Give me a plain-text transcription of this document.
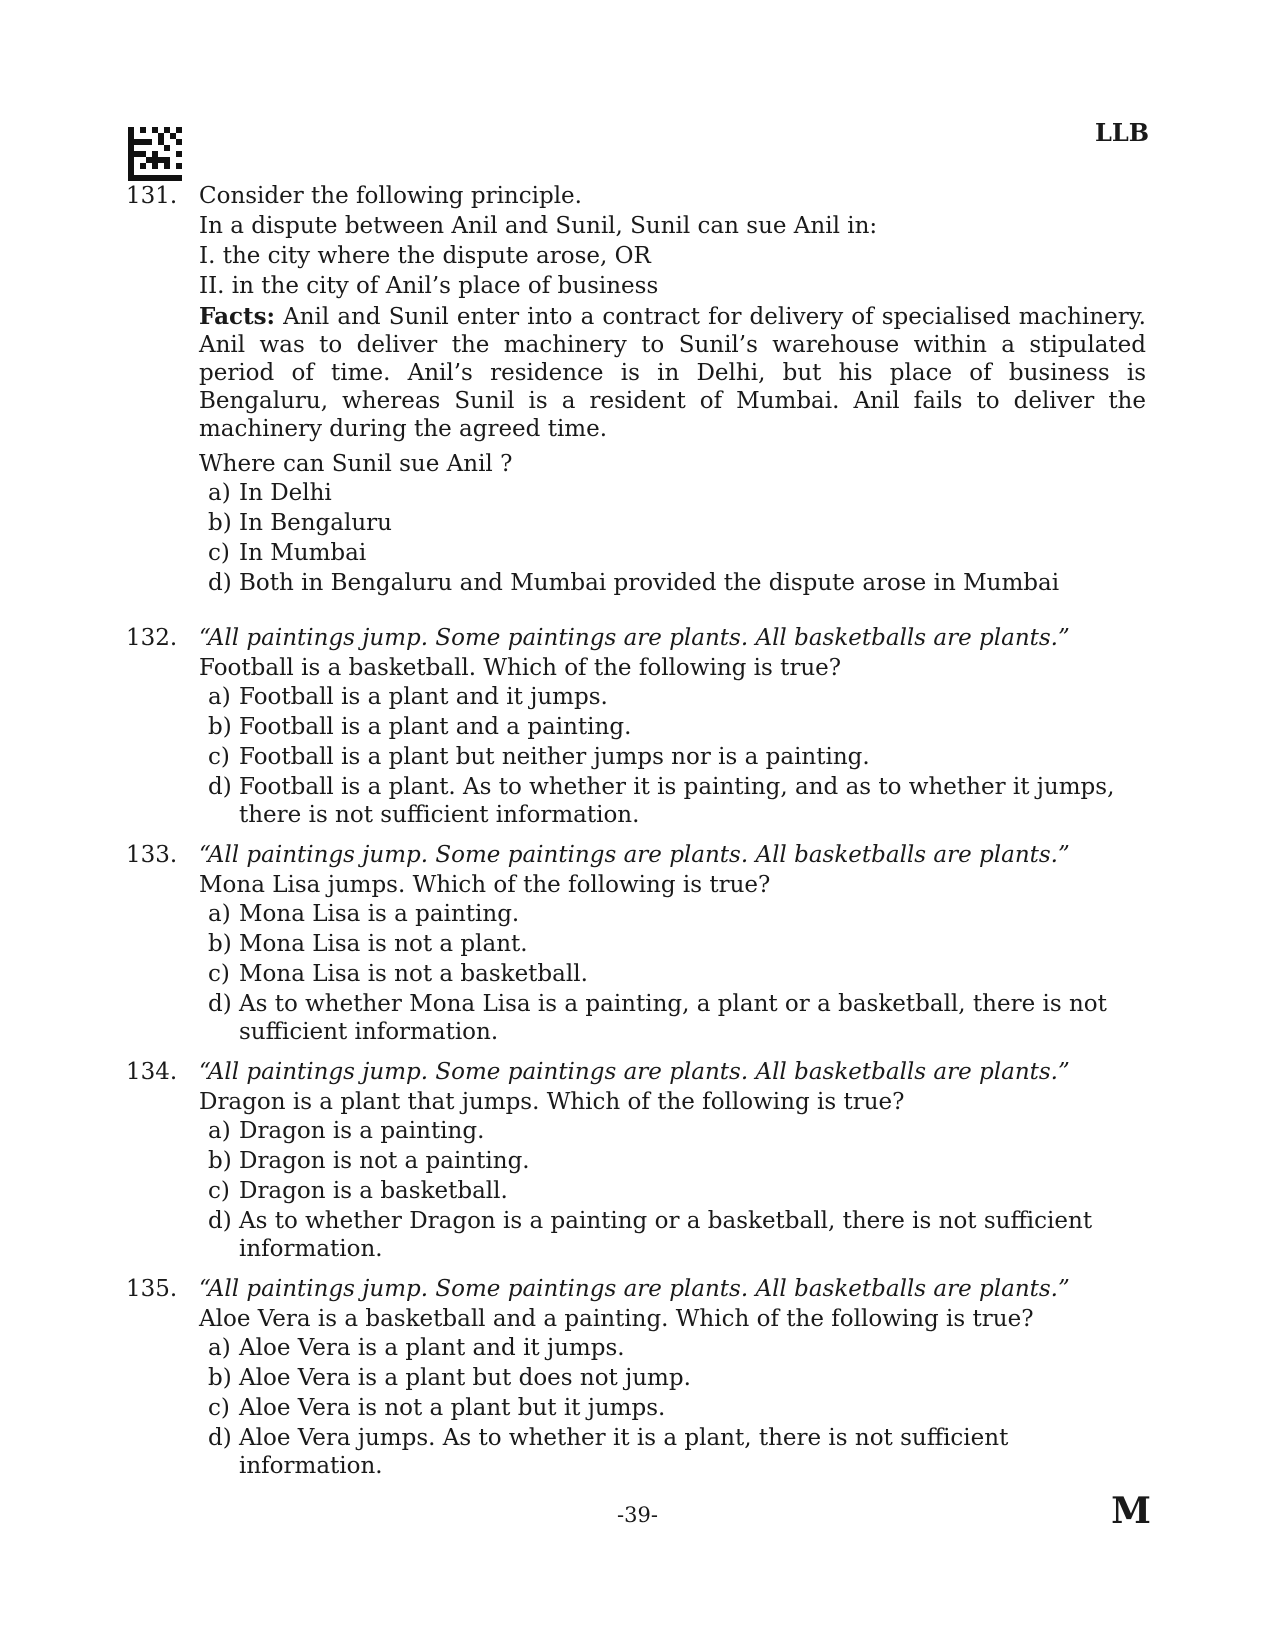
LLB
131. Consider the following principle.

In a dispute between Anil and Sunil, Sunil can sue Anil in:

I. the city where the dispute arose, OR

II. in the city of Anil’s place of business

Facts: Anil and Sunil enter into a contract for delivery of specialised machinery. Anil was to deliver the machinery to Sunil’s warehouse within a stipulated period of time. Anil’s residence is in Delhi, but his place of business is Bengaluru, whereas Sunil is a resident of Mumbai. Anil fails to deliver the machinery during the agreed time.

Where can Sunil sue Anil ?

a) In Delhi
b) In Bengaluru
c) In Mumbai
d) Both in Bengaluru and Mumbai provided the dispute arose in Mumbai
132. “All paintings jump. Some paintings are plants. All basketballs are plants.”

Football is a basketball. Which of the following is true?

a) Football is a plant and it jumps.
b) Football is a plant and a painting.
c) Football is a plant but neither jumps nor is a painting.
d) Football is a plant. As to whether it is painting, and as to whether it jumps, there is not sufficient information.
133. “All paintings jump. Some paintings are plants. All basketballs are plants.”

Mona Lisa jumps. Which of the following is true?

a) Mona Lisa is a painting.
b) Mona Lisa is not a plant.
c) Mona Lisa is not a basketball.
d) As to whether Mona Lisa is a painting, a plant or a basketball, there is not sufficient information.
134. “All paintings jump. Some paintings are plants. All basketballs are plants.”

Dragon is a plant that jumps. Which of the following is true?

a) Dragon is a painting.
b) Dragon is not a painting.
c) Dragon is a basketball.
d) As to whether Dragon is a painting or a basketball, there is not sufficient information.
135. “All paintings jump. Some paintings are plants. All basketballs are plants.”

Aloe Vera is a basketball and a painting. Which of the following is true?

a) Aloe Vera is a plant and it jumps.
b) Aloe Vera is a plant but does not jump.
c) Aloe Vera is not a plant but it jumps.
d) Aloe Vera jumps. As to whether it is a plant, there is not sufficient information.
-39-	M
